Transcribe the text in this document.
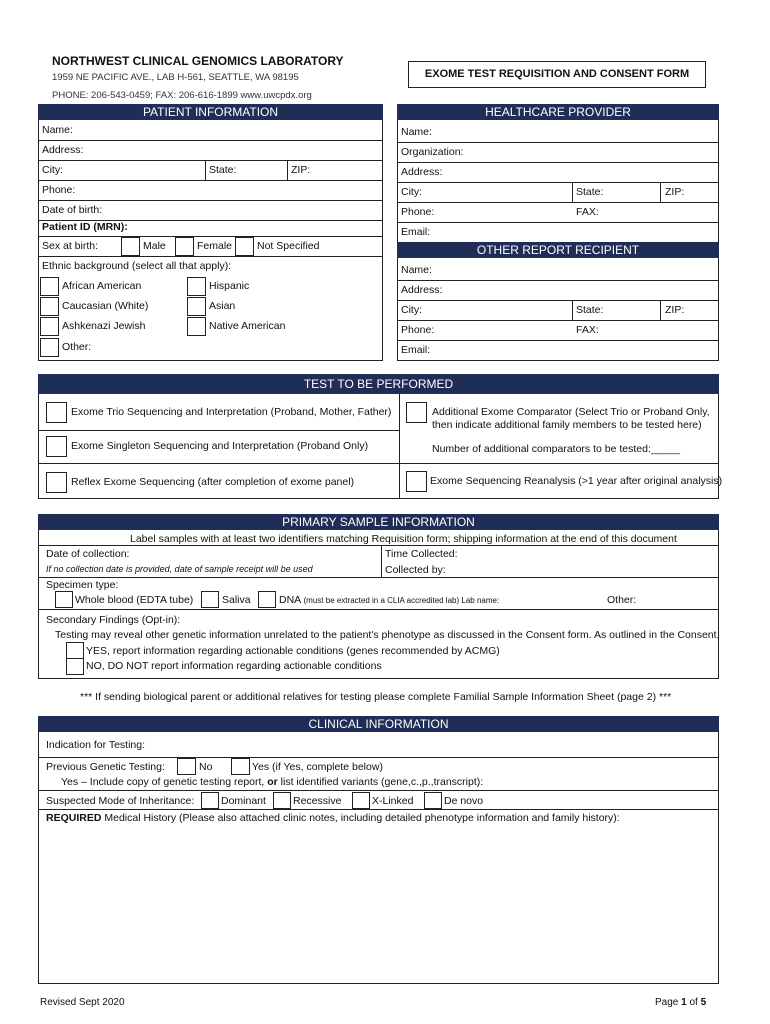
NORTHWEST CLINICAL GENOMICS LABORATORY
1959 NE PACIFIC AVE., LAB H-561, SEATTLE, WA 98195
PHONE: 206-543-0459; FAX: 206-616-1899 www.uwcpdx.org
EXOME TEST REQUISITION AND CONSENT FORM
PATIENT INFORMATION
Name:
Address:
City:	State:	ZIP:
Phone:
Date of birth:
Patient ID (MRN):
Sex at birth:	Male	Female Not Specified
Ethnic background (select all that apply):
African American	Hispanic
Caucasian (White)	Asian
Ashkenazi Jewish	Native American
Other:
HEALTHCARE PROVIDER
Name:
Organization:
Address:
City:	State:	ZIP:
Phone:	FAX:
Email:
OTHER REPORT RECIPIENT
Name:
Address:
City:	State:	ZIP:
Phone:	FAX:
Email:
TEST TO BE PERFORMED
Exome Trio Sequencing and Interpretation (Proband, Mother, Father)
Exome Singleton Sequencing and Interpretation (Proband Only)
Reflex Exome Sequencing (after completion of exome panel)
Additional Exome Comparator (Select Trio or Proband Only,
then indicate additional family members to be tested here)
Number of additional comparators to be tested:_____
Exome Sequencing Reanalysis (>1 year after original analysis)
PRIMARY SAMPLE INFORMATION
Label samples with at least two identifiers matching Requisition form; shipping information at the end of this document
Date of collection:
If no collection date is provided, date of sample receipt will be used
Time Collected:
Collected by:
Specimen type:
Whole blood (EDTA tube)	Saliva	DNA (must be extracted in a CLIA accredited lab) Lab name:	Other:
Secondary Findings (Opt-in):
Testing may reveal other genetic information unrelated to the patient's phenotype as discussed in the Consent form. As outlined in the Consent,
YES, report information regarding actionable conditions (genes recommended by ACMG)
NO, DO NOT report information regarding actionable conditions
*** If sending biological parent or additional relatives for testing please complete Familial Sample Information Sheet (page 2) ***
CLINICAL INFORMATION
Indication for Testing:
Previous Genetic Testing:	No	Yes (if Yes, complete below)
Yes – Include copy of genetic testing report, or list identified variants (gene,c.,p.,transcript):
Suspected Mode of Inheritance:	Dominant	Recessive	X-Linked	De novo
REQUIRED Medical History (Please also attached clinic notes, including detailed phenotype information and family history):
Revised Sept 2020	Page 1 of 5
